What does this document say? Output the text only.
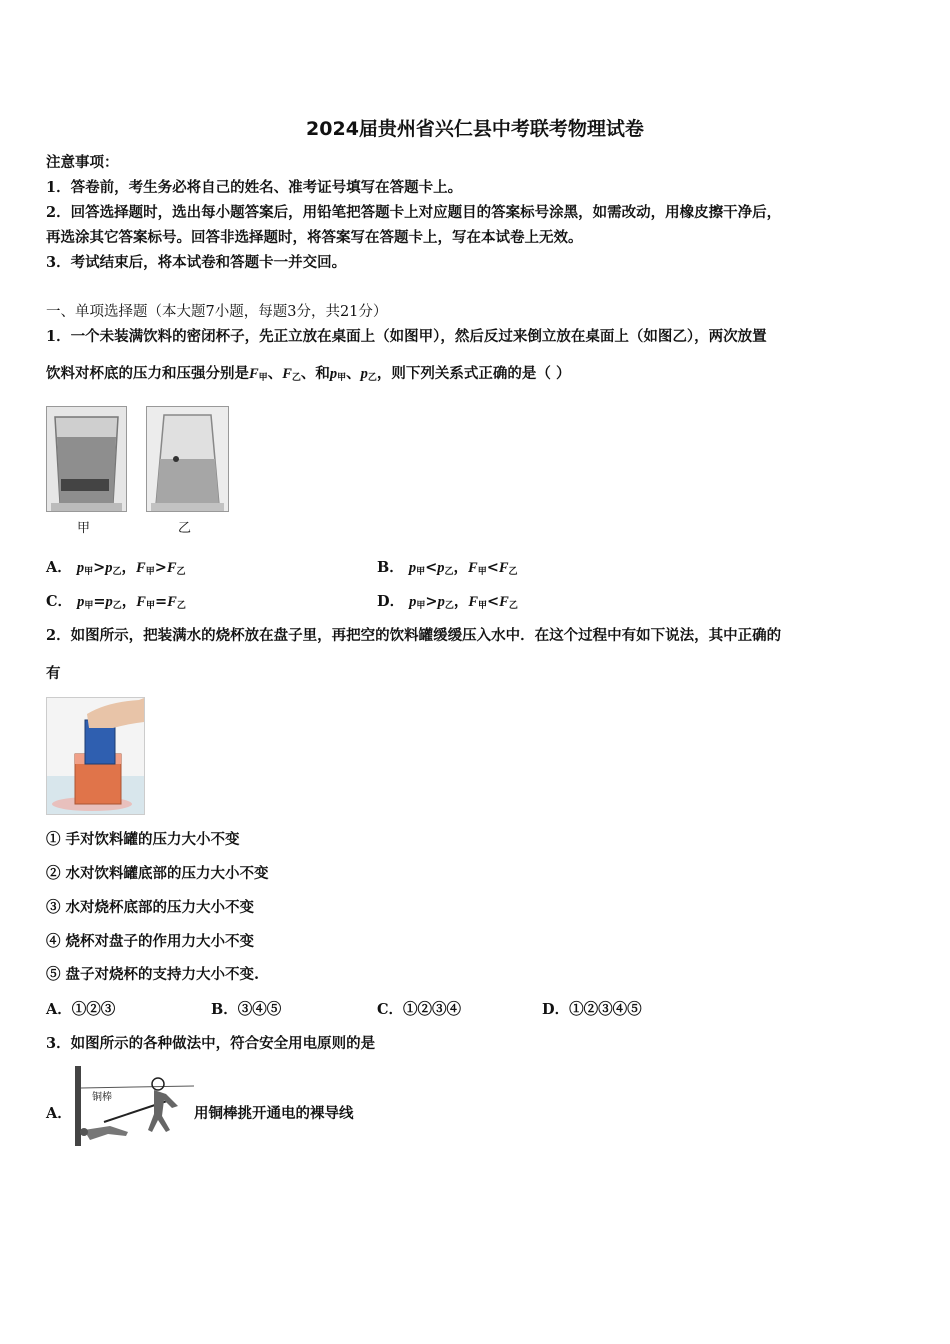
2024届贵州省兴仁县中考联考物理试卷
注意事项：
1．答卷前，考生务必将自己的姓名、准考证号填写在答题卡上。
2．回答选择题时，选出每小题答案后，用铅笔把答题卡上对应题目的答案标号涂黑，如需改动，用橡皮擦干净后，
再选涂其它答案标号。回答非选择题时，将答案写在答题卡上，写在本试卷上无效。
3．考试结束后，将本试卷和答题卡一并交回。
一、单项选择题（本大题7小题，每题3分，共21分）
1．一个未装满饮料的密闭杯子，先正立放在桌面上（如图甲），然后反过来倒立放在桌面上（如图乙），两次放置
饮料对杯底的压力和压强分别是$F_甲$、$F_乙$、和$p_甲$、$p_乙$，则下列关系式正确的是（ ）
甲	乙
A． $p_甲>p_乙$，$F_甲>F_乙$	B． $p_甲<p_乙$，$F_甲<F_乙$
C． $p_甲=p_乙$，$F_甲=F_乙$	D． $p_甲>p_乙$，$F_甲<F_乙$
2．如图所示，把装满水的烧杯放在盘子里，再把空的饮料罐缓缓压入水中．在这个过程中有如下说法，其中正确的
有
① 手对饮料罐的压力大小不变
② 水对饮料罐底部的压力大小不变
③ 水对烧杯底部的压力大小不变
④ 烧杯对盘子的作用力大小不变
⑤ 盘子对烧杯的支持力大小不变.
A．①②③	B．③④⑤	C．①②③④	D．①②③④⑤
3．如图所示的各种做法中，符合安全用电原则的是
A．
铜棒
用铜棒挑开通电的裸导线
